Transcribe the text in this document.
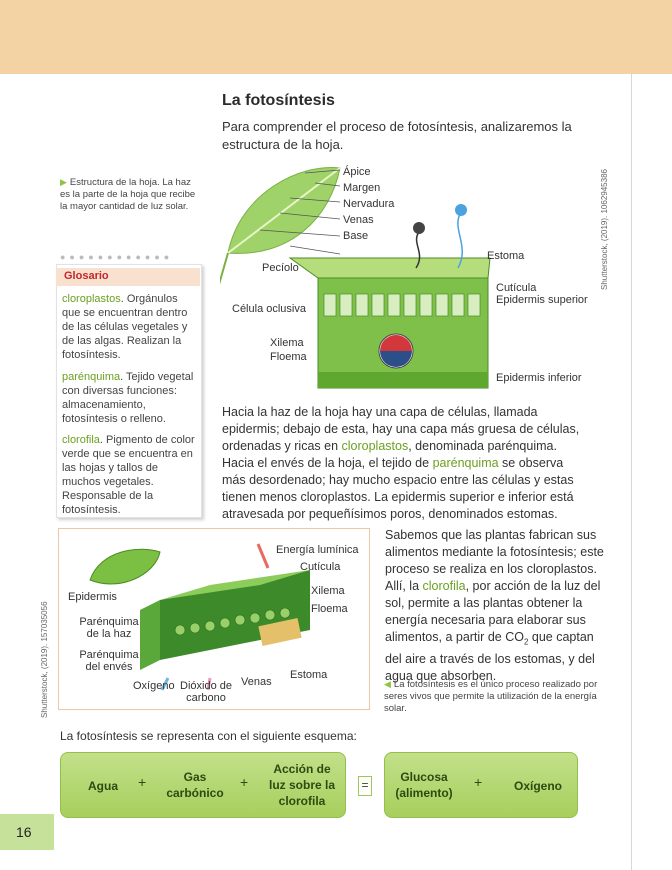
La fotosíntesis
Para comprender el proceso de fotosíntesis, analizaremos la estructura de la hoja.
Shutterstock, (2019). 1062945386
Shutterstock, (2019). 157035056
▶ Estructura de la hoja. La haz es la parte de la hoja que recibe la mayor cantidad de luz solar.
Ápice
Margen
Nervadura
Venas
Base
Pecíolo
Estoma
Cutícula
Epidermis superior
Célula oclusiva
Xilema
Floema
Epidermis inferior
●●●●●●●●●●●●
Glosario
cloroplastos. Orgánulos que se encuentran dentro de las células vegetales y de las algas. Realizan la fotosíntesis.
parénquima. Tejido vegetal con diversas funciones: almacenamiento, fotosíntesis o relleno.
clorofila. Pigmento de color verde que se encuentra en las hojas y tallos de muchos vegetales. Responsable de la fotosíntesis.
Hacia la haz de la hoja hay una capa de células, llamada epidermis; debajo de esta, hay una capa más gruesa de células, ordenadas y ricas en cloroplastos, denominada parénquima. Hacia el envés de la hoja, el tejido de parénquima se observa más desordenado; hay mucho espacio entre las células y estas tienen menos cloroplastos. La epidermis superior e inferior está atravesada por pequeñísimos poros, denominados estomas.
Energía lumínica
Cutícula
Xilema
Floema
Epidermis
Parénquima de la haz
Parénquima del envés
Estoma
Venas
Oxígeno Dióxido de carbono
Sabemos que las plantas fabrican sus alimentos mediante la fotosíntesis; este proceso se realiza en los cloroplastos. Allí, la clorofila, por acción de la luz del sol, permite a las plantas obtener la energía necesaria para elaborar sus alimentos, a partir de $CO_2$ que captan del aire a través de los estomas, y del agua que absorben.
◀ La fotosíntesis es el único proceso realizado por seres vivos que permite la utilización de la energía solar.
La fotosíntesis se representa con el siguiente esquema:
Agua	+	Gas carbónico
+
Acción de luz sobre la clorofila
=
Glucosa (alimento)
+	Oxígeno
16
